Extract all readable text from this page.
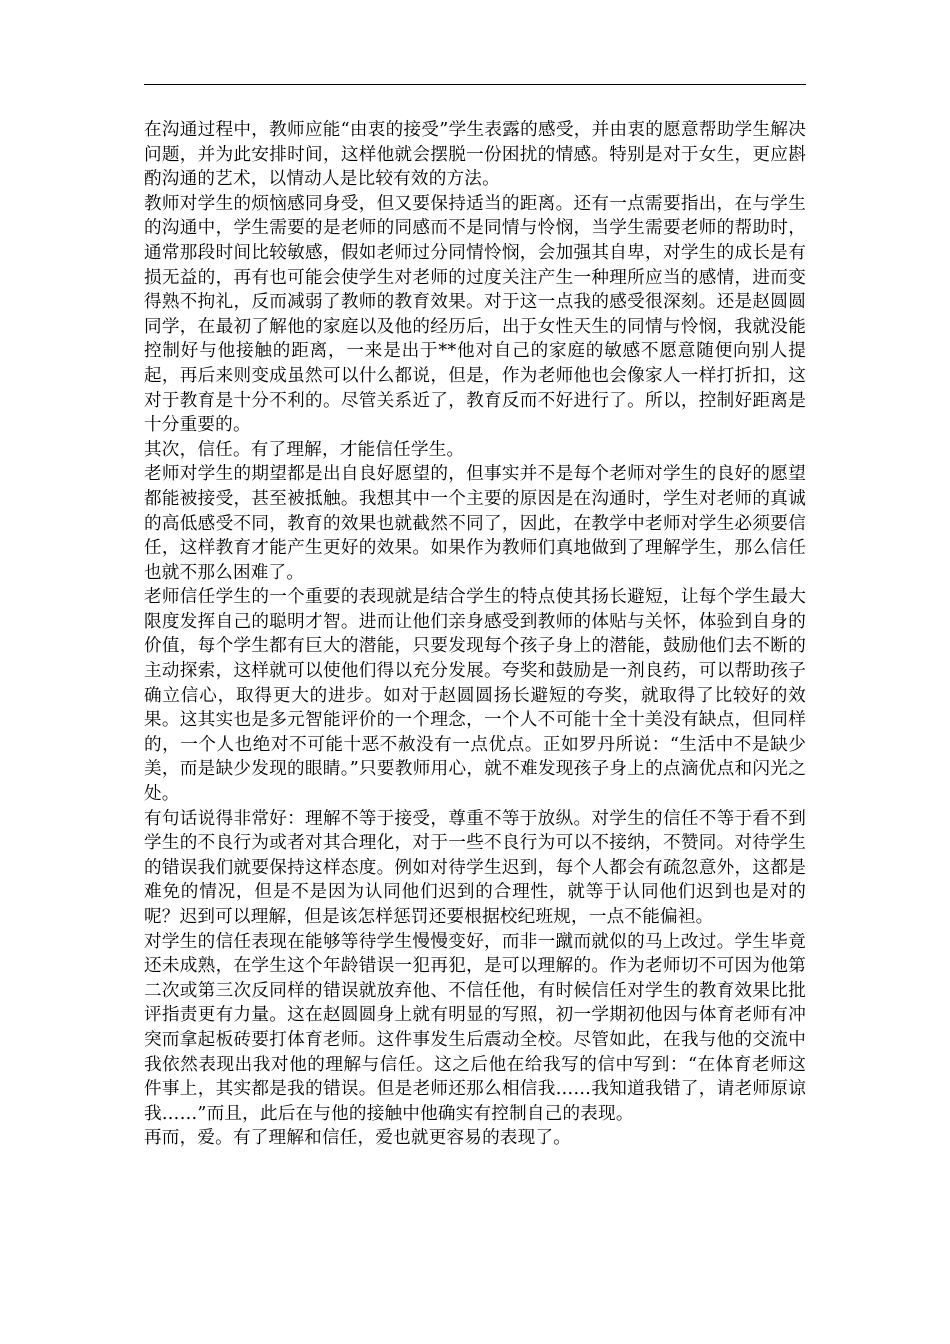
在沟通过程中，教师应能“由衷的接受”学生表露的感受，并由衷的愿意帮助学生解决问题，并为此安排时间，这样他就会摆脱一份困扰的情感。特别是对于女生，更应斟酌沟通的艺术，以情动人是比较有效的方法。

教师对学生的烦恼感同身受，但又要保持适当的距离。还有一点需要指出，在与学生的沟通中，学生需要的是老师的同感而不是同情与怜悯，当学生需要老师的帮助时，通常那段时间比较敏感，假如老师过分同情怜悯，会加强其自卑，对学生的成长是有损无益的，再有也可能会使学生对老师的过度关注产生一种理所应当的感情，进而变得熟不拘礼，反而减弱了教师的教育效果。对于这一点我的感受很深刻。还是赵圆圆同学，在最初了解他的家庭以及他的经历后，出于女性天生的同情与怜悯，我就没能控制好与他接触的距离，一来是出于**他对自己的家庭的敏感不愿意随便向别人提起，再后来则变成虽然可以什么都说，但是，作为老师他也会像家人一样打折扣，这对于教育是十分不利的。尽管关系近了，教育反而不好进行了。所以，控制好距离是十分重要的。

其次，信任。有了理解，才能信任学生。

老师对学生的期望都是出自良好愿望的，但事实并不是每个老师对学生的良好的愿望都能被接受，甚至被抵触。我想其中一个主要的原因是在沟通时，学生对老师的真诚的高低感受不同，教育的效果也就截然不同了，因此，在教学中老师对学生必须要信任，这样教育才能产生更好的效果。如果作为教师们真地做到了理解学生，那么信任也就不那么困难了。

老师信任学生的一个重要的表现就是结合学生的特点使其扬长避短，让每个学生最大限度发挥自己的聪明才智。进而让他们亲身感受到教师的体贴与关怀，体验到自身的价值，每个学生都有巨大的潜能，只要发现每个孩子身上的潜能，鼓励他们去不断的主动探索，这样就可以使他们得以充分发展。夸奖和鼓励是一剂良药，可以帮助孩子确立信心，取得更大的进步。如对于赵圆圆扬长避短的夸奖，就取得了比较好的效果。这其实也是多元智能评价的一个理念，一个人不可能十全十美没有缺点，但同样的，一个人也绝对不可能十恶不赦没有一点优点。正如罗丹所说：“生活中不是缺少美，而是缺少发现的眼睛。”只要教师用心，就不难发现孩子身上的点滴优点和闪光之处。

有句话说得非常好：理解不等于接受，尊重不等于放纵。对学生的信任不等于看不到学生的不良行为或者对其合理化，对于一些不良行为可以不接纳，不赞同。对待学生的错误我们就要保持这样态度。例如对待学生迟到，每个人都会有疏忽意外，这都是难免的情况，但是不是因为认同他们迟到的合理性，就等于认同他们迟到也是对的呢？迟到可以理解，但是该怎样惩罚还要根据校纪班规，一点不能偏袒。

对学生的信任表现在能够等待学生慢慢变好，而非一蹴而就似的马上改过。学生毕竟还未成熟，在学生这个年龄错误一犯再犯，是可以理解的。作为老师切不可因为他第二次或第三次反同样的错误就放弃他、不信任他，有时候信任对学生的教育效果比批评指责更有力量。这在赵圆圆身上就有明显的写照，初一学期初他因与体育老师有冲突而拿起板砖要打体育老师。这件事发生后震动全校。尽管如此，在我与他的交流中我依然表现出我对他的理解与信任。这之后他在给我写的信中写到：“在体育老师这件事上，其实都是我的错误。但是老师还那么相信我……我知道我错了，请老师原谅我……”而且，此后在与他的接触中他确实有控制自己的表现。

再而，爱。有了理解和信任，爱也就更容易的表现了。
